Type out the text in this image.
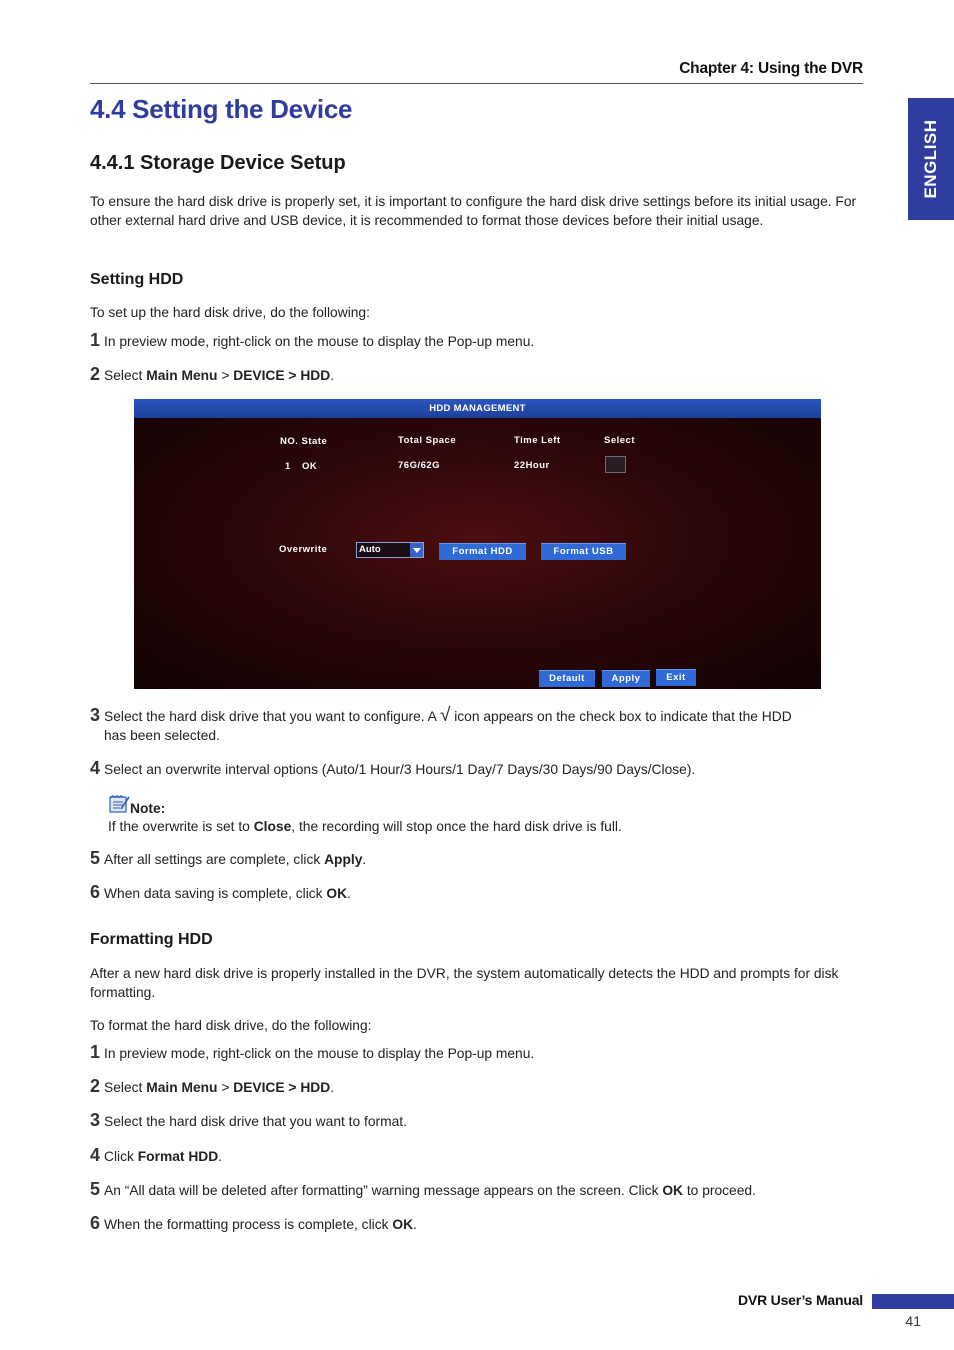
Chapter 4: Using the DVR
ENGLISH
4.4 Setting the Device
4.4.1 Storage Device Setup

To ensure the hard disk drive is properly set, it is important to configure the hard disk drive settings before its initial usage. For other external hard drive and USB device, it is recommended to format those devices before their initial usage.

Setting HDD

To set up the hard disk drive, do the following:

1 In preview mode, right-click on the mouse to display the Pop-up menu.

2 Select Main Menu > DEVICE > HDD.

HDD MANAGEMENT
NO. State	Total Space	Time Left	Select
1 OK	76G/62G	22Hour
Overwrite	Auto	Format HDD	Format USB
Default	Apply	Exit

3 Select the hard disk drive that you want to configure. A √ icon appears on the check box to indicate that the HDD
has been selected.

4 Select an overwrite interval options (Auto/1 Hour/3 Hours/1 Day/7 Days/30 Days/90 Days/Close).

Note:

If the overwrite is set to Close, the recording will stop once the hard disk drive is full.

5 After all settings are complete, click Apply.

6 When data saving is complete, click OK.

Formatting HDD

After a new hard disk drive is properly installed in the DVR, the system automatically detects the HDD and prompts for disk formatting.

To format the hard disk drive, do the following:

1 In preview mode, right-click on the mouse to display the Pop-up menu.

2 Select Main Menu > DEVICE > HDD.

3 Select the hard disk drive that you want to format.

4 Click Format HDD.

5 An “All data will be deleted after formatting” warning message appears on the screen. Click OK to proceed.

6 When the formatting process is complete, click OK.

DVR User’s Manual
41
